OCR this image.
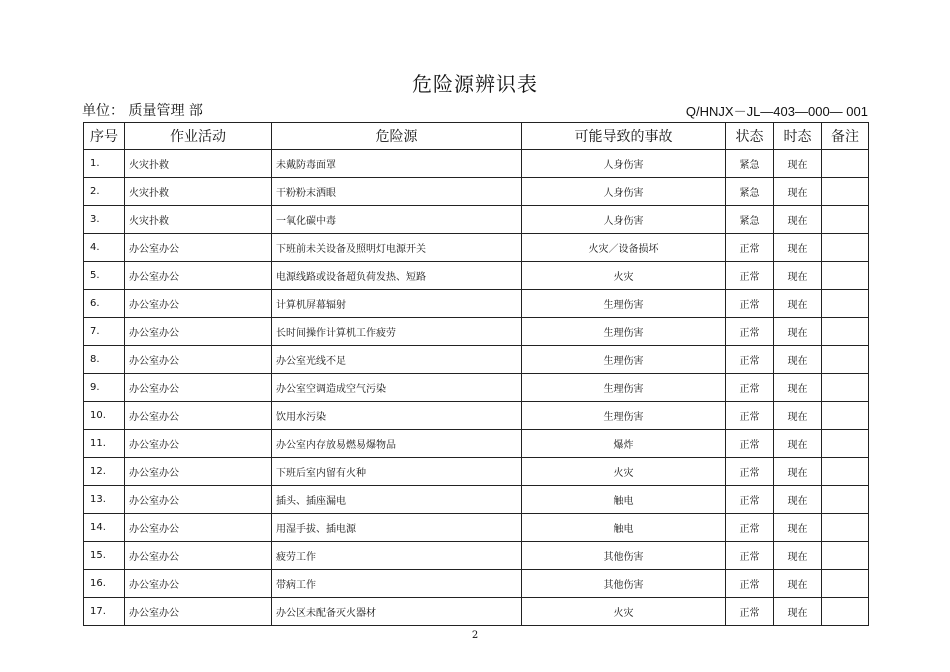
危险源辨识表
单位： 质量管理 部	Q/HNJX－JL—403—000— 001
序号	作业活动	危险源	可能导致的事故	状态	时态	备注
1.	火灾扑救	未戴防毒面罩	人身伤害	紧急	现在	
2.	火灾扑救	干粉粉末洒眼	人身伤害	紧急	现在	
3.	火灾扑救	一氧化碳中毒	人身伤害	紧急	现在	
4.	办公室办公	下班前未关设备及照明灯电源开关	火灾／设备损坏	正常	现在	
5.	办公室办公	电源线路或设备超负荷发热、短路	火灾	正常	现在	
6.	办公室办公	计算机屏幕辐射	生理伤害	正常	现在	
7.	办公室办公	长时间操作计算机工作疲劳	生理伤害	正常	现在	
8.	办公室办公	办公室光线不足	生理伤害	正常	现在	
9.	办公室办公	办公室空调造成空气污染	生理伤害	正常	现在	
10.	办公室办公	饮用水污染	生理伤害	正常	现在	
11.	办公室办公	办公室内存放易燃易爆物品	爆炸	正常	现在	
12.	办公室办公	下班后室内留有火种	火灾	正常	现在	
13.	办公室办公	插头、插座漏电	触电	正常	现在	
14.	办公室办公	用湿手拔、插电源	触电	正常	现在	
15.	办公室办公	疲劳工作	其他伤害	正常	现在	
16.	办公室办公	带病工作	其他伤害	正常	现在	
17.	办公室办公	办公区未配备灭火器材	火灾	正常	现在	
2
